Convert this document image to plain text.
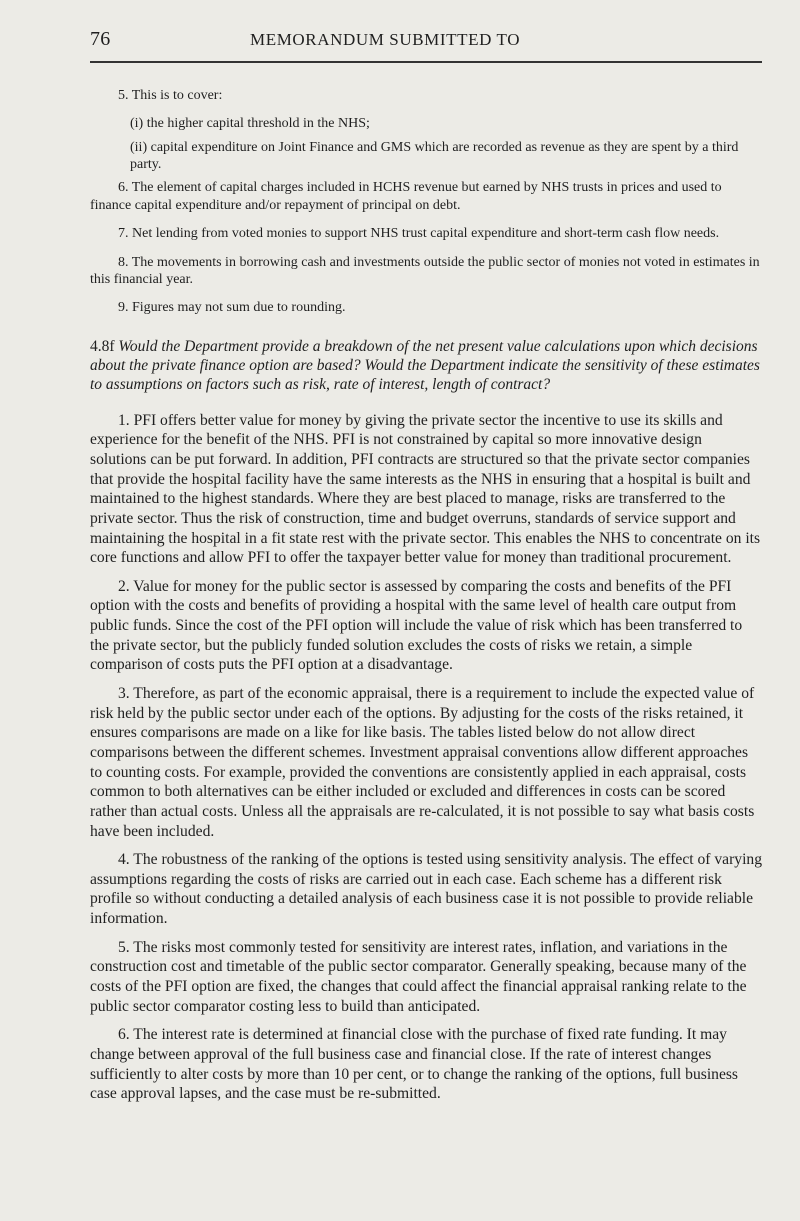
76	MEMORANDUM SUBMITTED TO

5. This is to cover:

(i) the higher capital threshold in the NHS;

(ii) capital expenditure on Joint Finance and GMS which are recorded as revenue as they are spent by a third party.

6. The element of capital charges included in HCHS revenue but earned by NHS trusts in prices and used to finance capital expenditure and/or repayment of principal on debt.

7. Net lending from voted monies to support NHS trust capital expenditure and short-term cash flow needs.

8. The movements in borrowing cash and investments outside the public sector of monies not voted in estimates in this financial year.

9. Figures may not sum due to rounding.

4.8f Would the Department provide a breakdown of the net present value calculations upon which decisions about the private finance option are based? Would the Department indicate the sensitivity of these estimates to assumptions on factors such as risk, rate of interest, length of contract?

1. PFI offers better value for money by giving the private sector the incentive to use its skills and experience for the benefit of the NHS. PFI is not constrained by capital so more innovative design solutions can be put forward. In addition, PFI contracts are structured so that the private sector companies that provide the hospital facility have the same interests as the NHS in ensuring that a hospital is built and maintained to the highest standards. Where they are best placed to manage, risks are transferred to the private sector. Thus the risk of construction, time and budget overruns, standards of service support and maintaining the hospital in a fit state rest with the private sector. This enables the NHS to concentrate on its core functions and allow PFI to offer the taxpayer better value for money than traditional procurement.

2. Value for money for the public sector is assessed by comparing the costs and benefits of the PFI option with the costs and benefits of providing a hospital with the same level of health care output from public funds. Since the cost of the PFI option will include the value of risk which has been transferred to the private sector, but the publicly funded solution excludes the costs of risks we retain, a simple comparison of costs puts the PFI option at a disadvantage.

3. Therefore, as part of the economic appraisal, there is a requirement to include the expected value of risk held by the public sector under each of the options. By adjusting for the costs of the risks retained, it ensures comparisons are made on a like for like basis. The tables listed below do not allow direct comparisons between the different schemes. Investment appraisal conventions allow different approaches to counting costs. For example, provided the conventions are consistently applied in each appraisal, costs common to both alternatives can be either included or excluded and differences in costs can be scored rather than actual costs. Unless all the appraisals are re-calculated, it is not possible to say what basis costs have been included.

4. The robustness of the ranking of the options is tested using sensitivity analysis. The effect of varying assumptions regarding the costs of risks are carried out in each case. Each scheme has a different risk profile so without conducting a detailed analysis of each business case it is not possible to provide reliable information.

5. The risks most commonly tested for sensitivity are interest rates, inflation, and variations in the construction cost and timetable of the public sector comparator. Generally speaking, because many of the costs of the PFI option are fixed, the changes that could affect the financial appraisal ranking relate to the public sector comparator costing less to build than anticipated.

6. The interest rate is determined at financial close with the purchase of fixed rate funding. It may change between approval of the full business case and financial close. If the rate of interest changes sufficiently to alter costs by more than 10 per cent, or to change the ranking of the options, full business case approval lapses, and the case must be re-submitted.
